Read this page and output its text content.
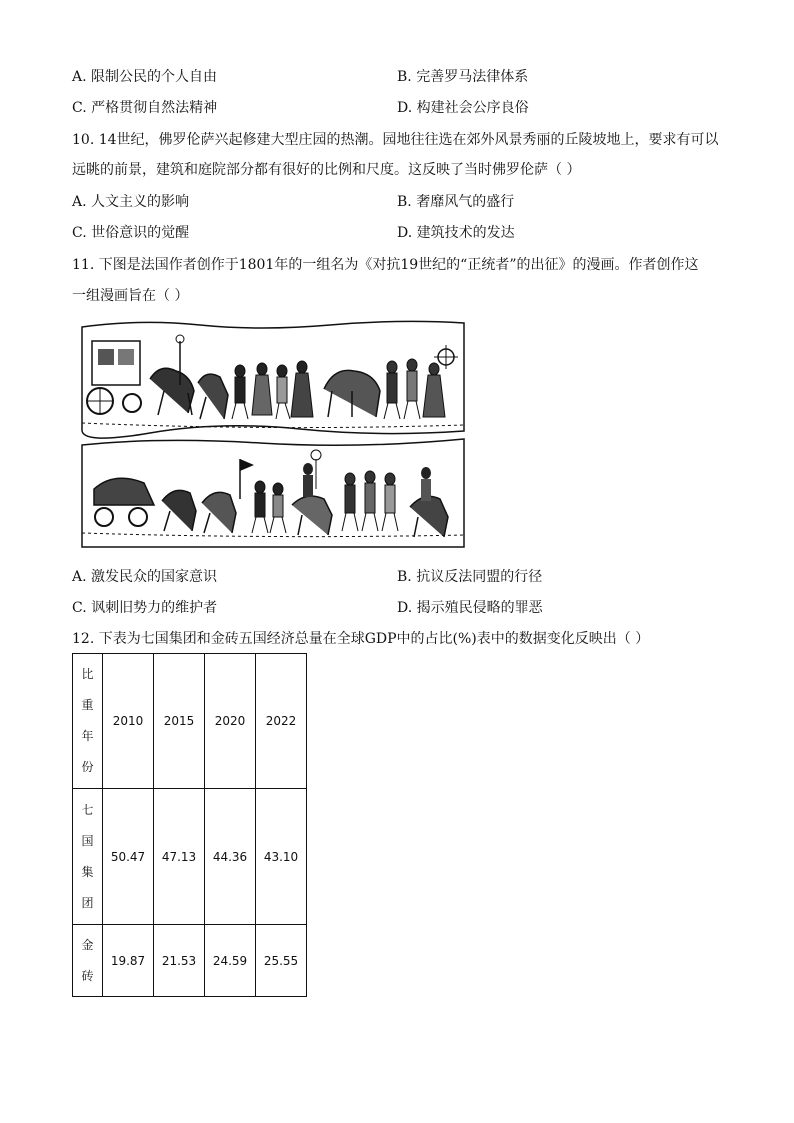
A. 限制公民的个人自由	B. 完善罗马法律体系
C. 严格贯彻自然法精神	D. 构建社会公序良俗
10. 14世纪，佛罗伦萨兴起修建大型庄园的热潮。园地往往选在郊外风景秀丽的丘陵坡地上，要求有可以
远眺的前景，建筑和庭院部分都有很好的比例和尺度。这反映了当时佛罗伦萨（ ）
A. 人文主义的影响	B. 奢靡风气的盛行
C. 世俗意识的觉醒	D. 建筑技术的发达
11. 下图是法国作者创作于1801年的一组名为《对抗19世纪的“正统者”的出征》的漫画。作者创作这
一组漫画旨在（ ）
A. 激发民众的国家意识	B. 抗议反法同盟的行径
C. 讽刺旧势力的维护者	D. 揭示殖民侵略的罪恶
12. 下表为七国集团和金砖五国经济总量在全球GDP中的占比(%)表中的数据变化反映出（ ）
比
重
年
份	2010	2015	2020	2022

七
国
集
团	50.47	47.13	44.36	43.10

金
砖	19.87	21.53	24.59	25.55
